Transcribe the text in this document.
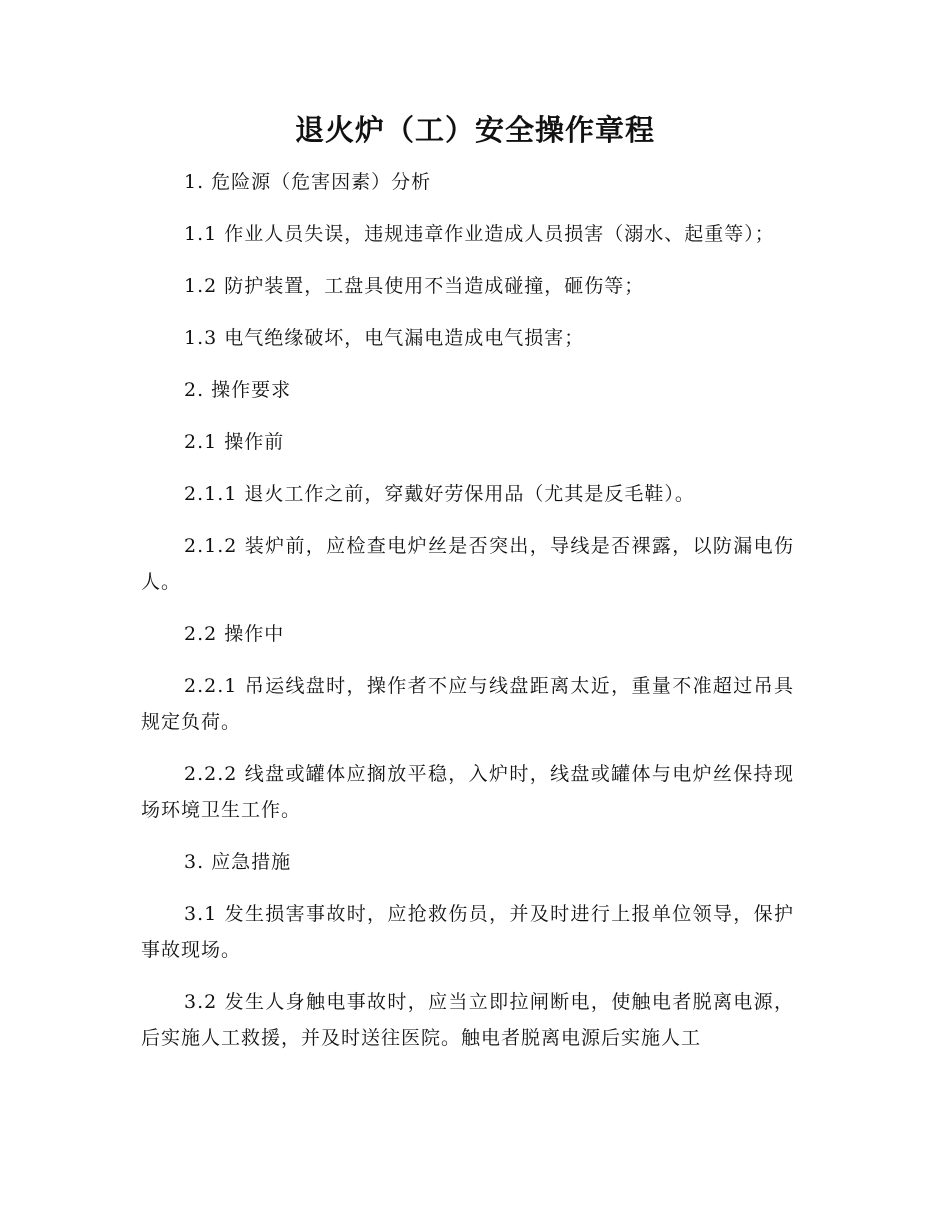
退火炉（工）安全操作章程

1. 危险源（危害因素）分析

1.1 作业人员失误，违规违章作业造成人员损害（溺水、起重等）；

1.2 防护装置，工盘具使用不当造成碰撞，砸伤等；

1.3 电气绝缘破坏，电气漏电造成电气损害；

2. 操作要求

2.1 操作前

2.1.1 退火工作之前，穿戴好劳保用品（尤其是反毛鞋）。

2.1.2 装炉前，应检查电炉丝是否突出，导线是否裸露，以防漏电伤人。

2.2 操作中

2.2.1 吊运线盘时，操作者不应与线盘距离太近，重量不准超过吊具规定负荷。

2.2.2 线盘或罐体应搁放平稳，入炉时，线盘或罐体与电炉丝保持现场环境卫生工作。

3. 应急措施

3.1 发生损害事故时，应抢救伤员，并及时进行上报单位领导，保护事故现场。

3.2 发生人身触电事故时，应当立即拉闸断电，使触电者脱离电源，后实施人工救援，并及时送往医院。触电者脱离电源后实施人工
